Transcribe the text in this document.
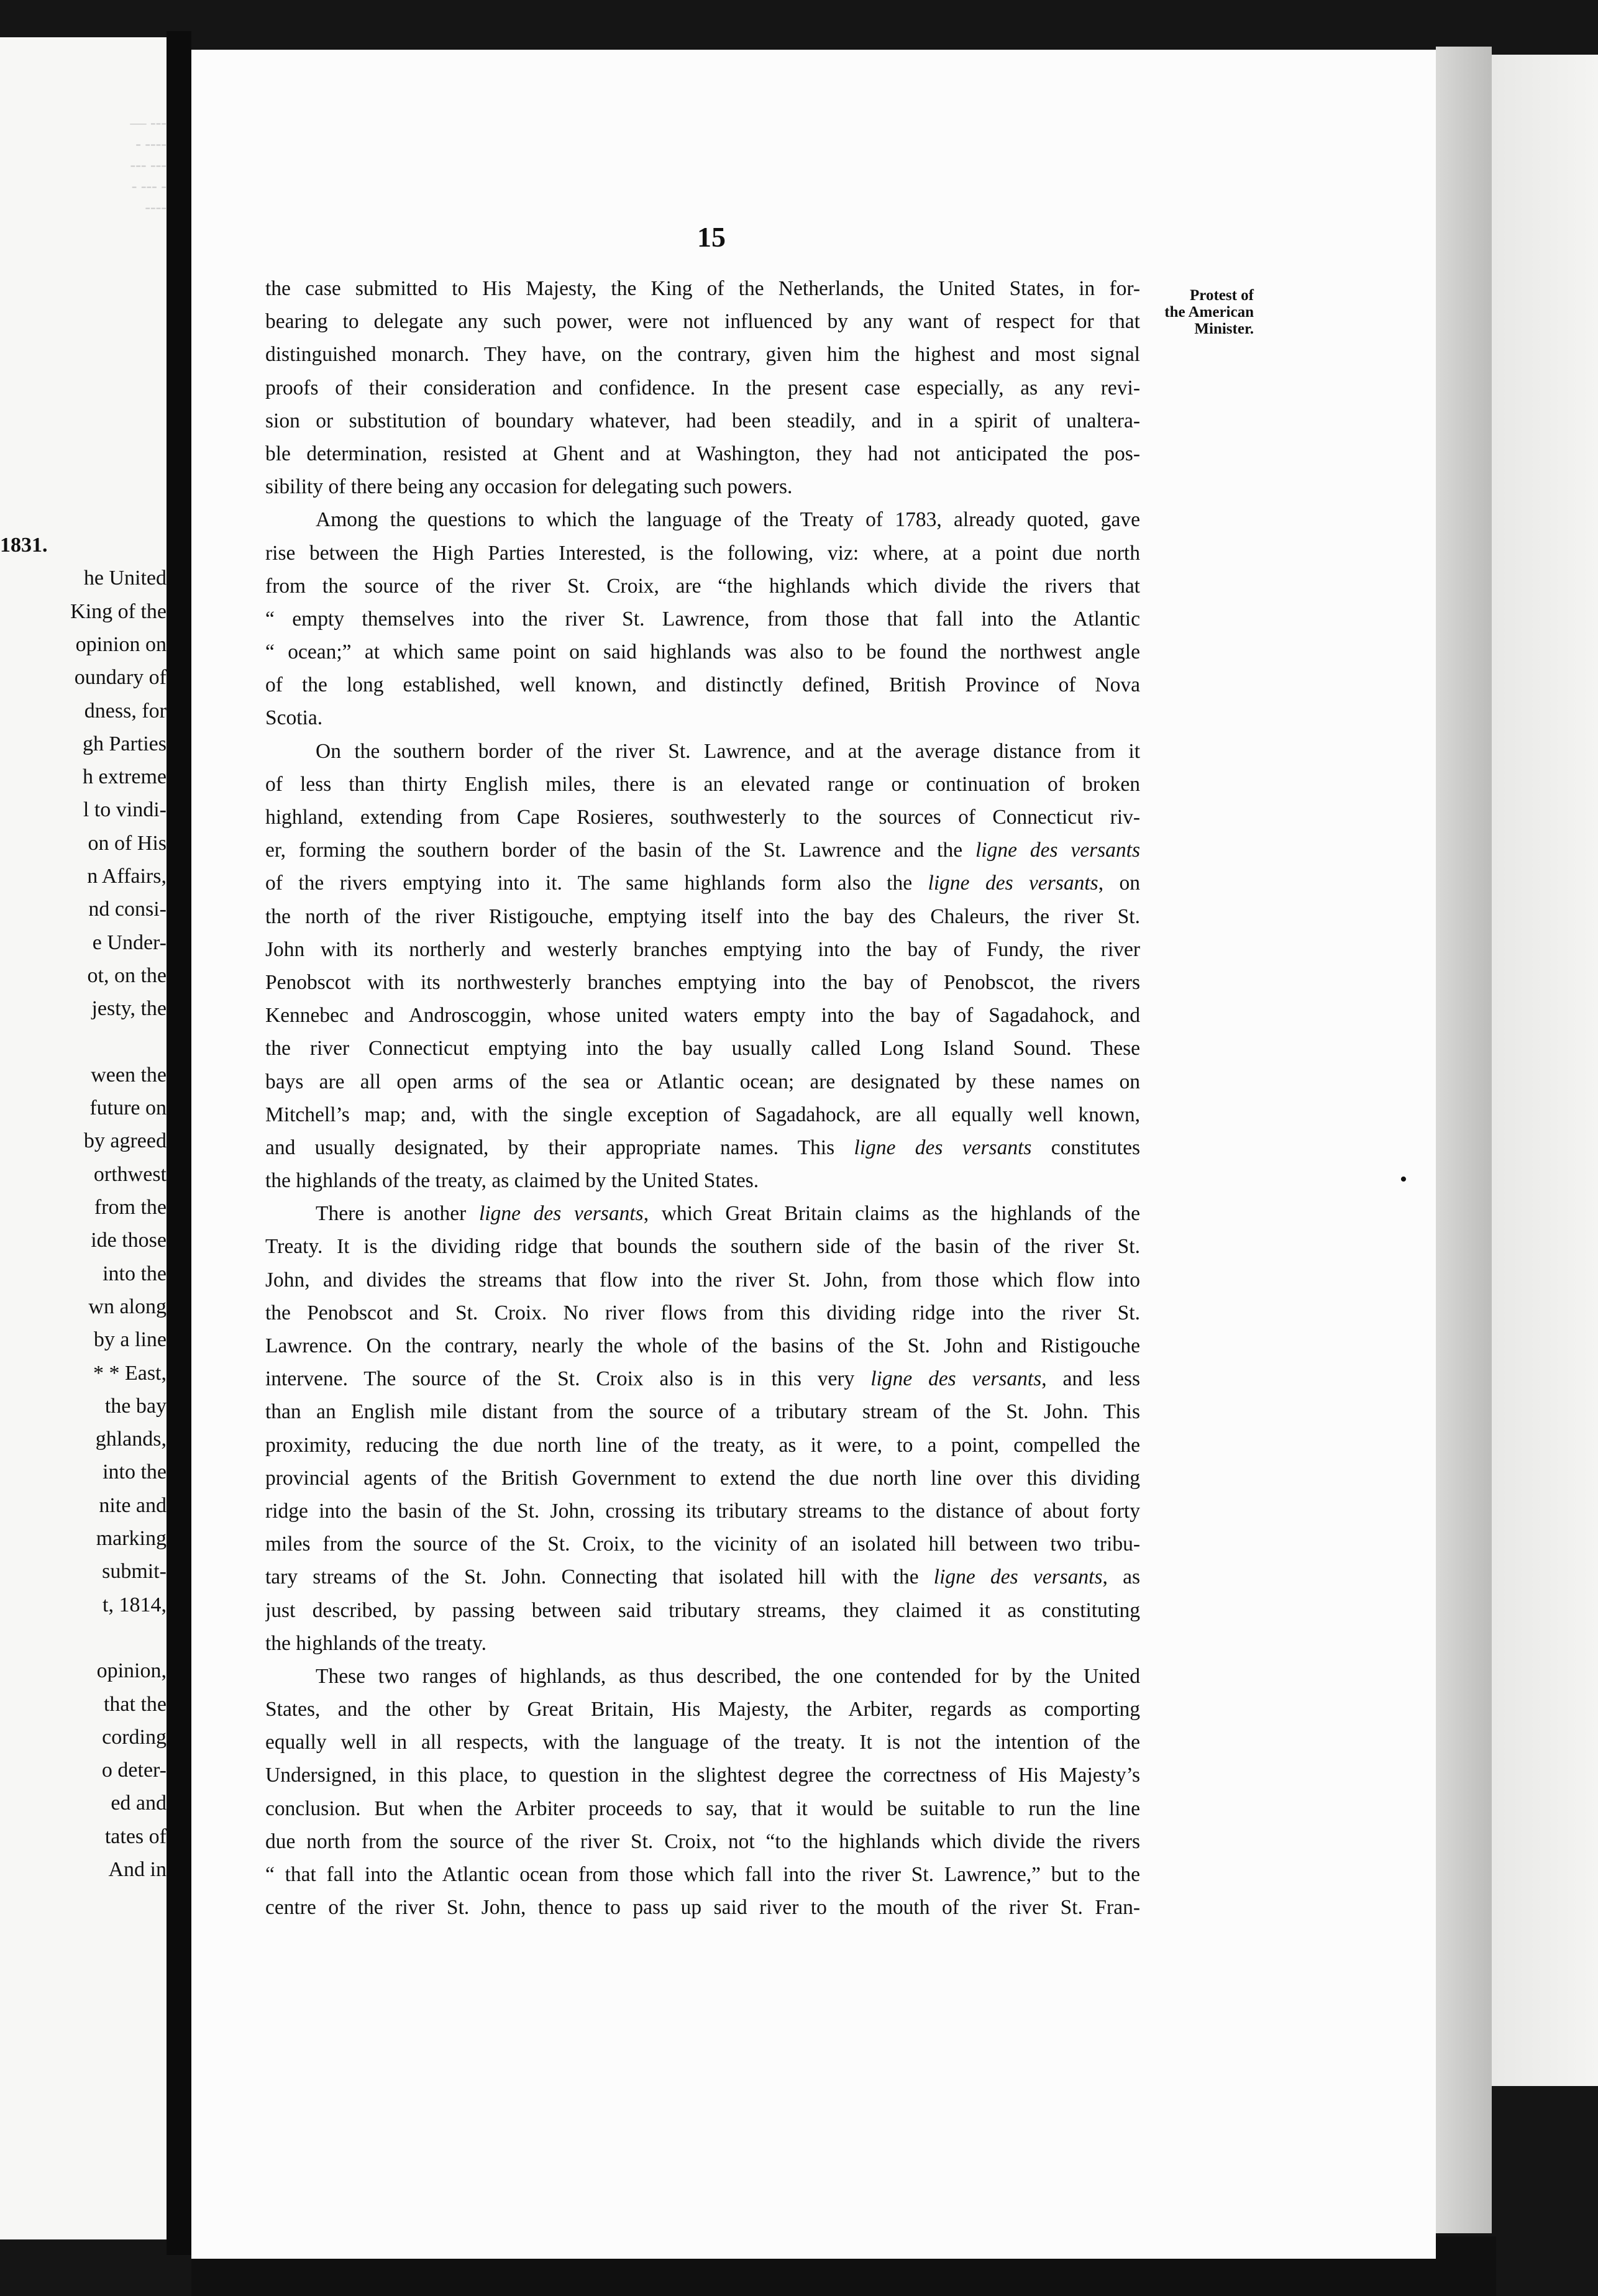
— ---
- ----
--- ---
- --- -
----
1831.
he United
King of the
opinion on
oundary of
dness, for
gh Parties
h extreme
l to vindi-
on of His
n Affairs,
nd consi-
e Under-
ot, on the
jesty, the
ween the
future on
by agreed
orthwest
from the
ide those
into the
wn along
by a line
* * East,
the bay
ghlands,
into the
nite and
marking
submit-
t, 1814,
opinion,
that the
cording
o deter-
ed and
tates of
And in
15
Protest of
the American
Minister.
•
the case submitted to His Majesty, the King of the Netherlands, the United States, in for-
bearing to delegate any such power, were not influenced by any want of respect for that
distinguished monarch. They have, on the contrary, given him the highest and most signal
proofs of their consideration and confidence. In the present case especially, as any revi-
sion or substitution of boundary whatever, had been steadily, and in a spirit of unaltera-
ble determination, resisted at Ghent and at Washington, they had not anticipated the pos-
sibility of there being any occasion for delegating such powers.
Among the questions to which the language of the Treaty of 1783, already quoted, gave
rise between the High Parties Interested, is the following, viz: where, at a point due north
from the source of the river St. Croix, are “the highlands which divide the rivers that
“ empty themselves into the river St. Lawrence, from those that fall into the Atlantic
“ ocean;” at which same point on said highlands was also to be found the northwest angle
of the long established, well known, and distinctly defined, British Province of Nova
Scotia.
On the southern border of the river St. Lawrence, and at the average distance from it
of less than thirty English miles, there is an elevated range or continuation of broken
highland, extending from Cape Rosieres, southwesterly to the sources of Connecticut riv-
er, forming the southern border of the basin of the St. Lawrence and the ligne des versants
of the rivers emptying into it. The same highlands form also the ligne des versants, on
the north of the river Ristigouche, emptying itself into the bay des Chaleurs, the river St.
John with its northerly and westerly branches emptying into the bay of Fundy, the river
Penobscot with its northwesterly branches emptying into the bay of Penobscot, the rivers
Kennebec and Androscoggin, whose united waters empty into the bay of Sagadahock, and
the river Connecticut emptying into the bay usually called Long Island Sound. These
bays are all open arms of the sea or Atlantic ocean; are designated by these names on
Mitchell’s map; and, with the single exception of Sagadahock, are all equally well known,
and usually designated, by their appropriate names. This ligne des versants constitutes
the highlands of the treaty, as claimed by the United States.
There is another ligne des versants, which Great Britain claims as the highlands of the
Treaty. It is the dividing ridge that bounds the southern side of the basin of the river St.
John, and divides the streams that flow into the river St. John, from those which flow into
the Penobscot and St. Croix. No river flows from this dividing ridge into the river St.
Lawrence. On the contrary, nearly the whole of the basins of the St. John and Ristigouche
intervene. The source of the St. Croix also is in this very ligne des versants, and less
than an English mile distant from the source of a tributary stream of the St. John. This
proximity, reducing the due north line of the treaty, as it were, to a point, compelled the
provincial agents of the British Government to extend the due north line over this dividing
ridge into the basin of the St. John, crossing its tributary streams to the distance of about forty
miles from the source of the St. Croix, to the vicinity of an isolated hill between two tribu-
tary streams of the St. John. Connecting that isolated hill with the ligne des versants, as
just described, by passing between said tributary streams, they claimed it as constituting
the highlands of the treaty.
These two ranges of highlands, as thus described, the one contended for by the United
States, and the other by Great Britain, His Majesty, the Arbiter, regards as comporting
equally well in all respects, with the language of the treaty. It is not the intention of the
Undersigned, in this place, to question in the slightest degree the correctness of His Majesty’s
conclusion. But when the Arbiter proceeds to say, that it would be suitable to run the line
due north from the source of the river St. Croix, not “to the highlands which divide the rivers
“ that fall into the Atlantic ocean from those which fall into the river St. Lawrence,” but to the
centre of the river St. John, thence to pass up said river to the mouth of the river St. Fran-
